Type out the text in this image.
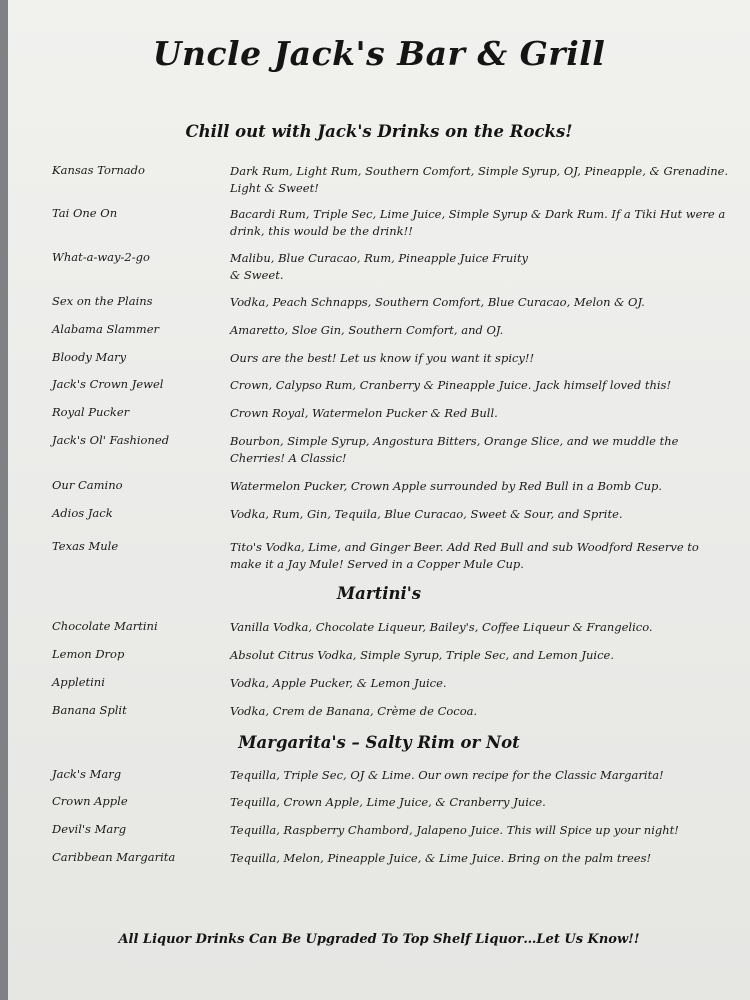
Uncle Jack's Bar & Grill
Chill out with Jack's Drinks on the Rocks!
Kansas Tornado	Dark Rum, Light Rum, Southern Comfort, Simple Syrup, OJ, Pineapple, & Grenadine. Light & Sweet!
Tai One On	Bacardi Rum, Triple Sec, Lime Juice, Simple Syrup & Dark Rum. If a Tiki Hut were a drink, this would be the drink!!
What-a-way-2-go	Malibu, Blue Curacao, Rum, Pineapple Juice Fruity & Sweet.
Sex on the Plains	Vodka, Peach Schnapps, Southern Comfort, Blue Curacao, Melon & OJ.
Alabama Slammer	Amaretto, Sloe Gin, Southern Comfort, and OJ.
Bloody Mary	Ours are the best! Let us know if you want it spicy!!
Jack's Crown Jewel	Crown, Calypso Rum, Cranberry & Pineapple Juice. Jack himself loved this!
Royal Pucker	Crown Royal, Watermelon Pucker & Red Bull.
Jack's Ol' Fashioned	Bourbon, Simple Syrup, Angostura Bitters, Orange Slice, and we muddle the Cherries! A Classic!
Our Camino	Watermelon Pucker, Crown Apple surrounded by Red Bull in a Bomb Cup.
Adios Jack	Vodka, Rum, Gin, Tequila, Blue Curacao, Sweet & Sour, and Sprite.
Texas Mule	Tito's Vodka, Lime, and Ginger Beer. Add Red Bull and sub Woodford Reserve to make it a Jay Mule! Served in a Copper Mule Cup.
Martini's
Chocolate Martini	Vanilla Vodka, Chocolate Liqueur, Bailey's, Coffee Liqueur & Frangelico.
Lemon Drop	Absolut Citrus Vodka, Simple Syrup, Triple Sec, and Lemon Juice.
Appletini	Vodka, Apple Pucker, & Lemon Juice.
Banana Split	Vodka, Crem de Banana, Crème de Cocoa.
Margarita's – Salty Rim or Not
Jack's Marg	Tequilla, Triple Sec, OJ & Lime. Our own recipe for the Classic Margarita!
Crown Apple	Tequilla, Crown Apple, Lime Juice, & Cranberry Juice.
Devil's Marg	Tequilla, Raspberry Chambord, Jalapeno Juice. This will Spice up your night!
Caribbean Margarita	Tequilla, Melon, Pineapple Juice, & Lime Juice. Bring on the palm trees!

All Liquor Drinks Can Be Upgraded To Top Shelf Liquor…Let Us Know!!
